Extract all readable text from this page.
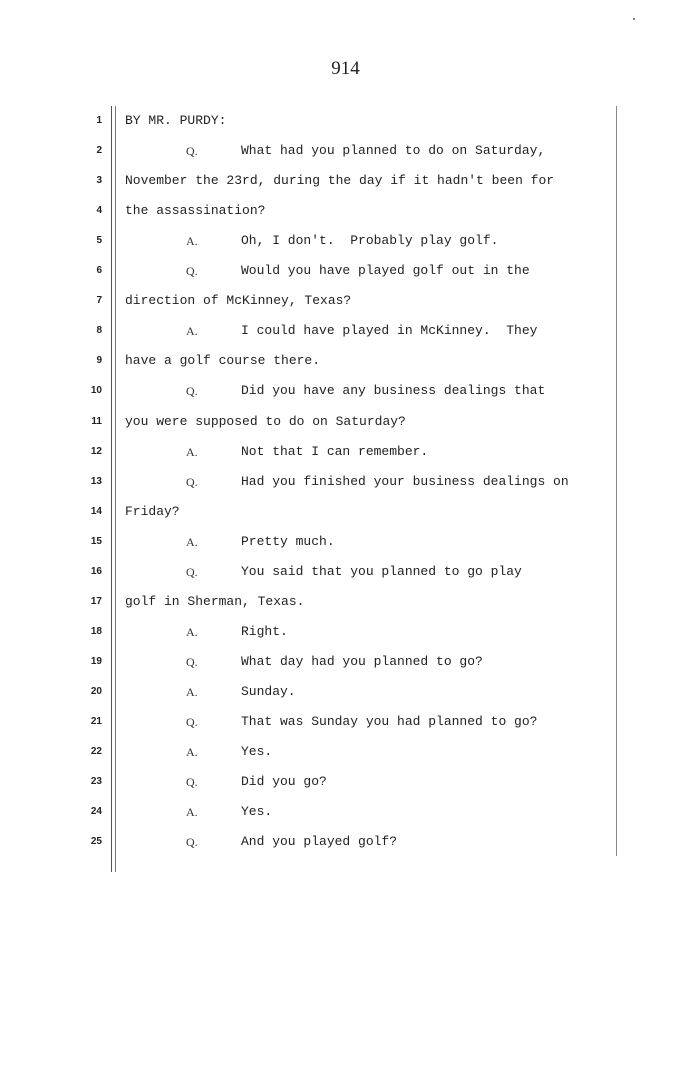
914
1 BY MR. PURDY:
2	Q.	What had you planned to do on Saturday,
3 November the 23rd, during the day if it hadn't been for
4 the assassination?
5	A.	Oh, I don't.  Probably play golf.
6	Q.	Would you have played golf out in the
7 direction of McKinney, Texas?
8	A.	I could have played in McKinney.  They
9 have a golf course there.
10	Q.	Did you have any business dealings that
11 you were supposed to do on Saturday?
12	A.	Not that I can remember.
13	Q.	Had you finished your business dealings on
14 Friday?
15	A.	Pretty much.
16	Q.	You said that you planned to go play
17 golf in Sherman, Texas.
18	A.	Right.
19	Q.	What day had you planned to go?
20	A.	Sunday.
21	Q.	That was Sunday you had planned to go?
22	A.	Yes.
23	Q.	Did you go?
24	A.	Yes.
25	Q.	And you played golf?
